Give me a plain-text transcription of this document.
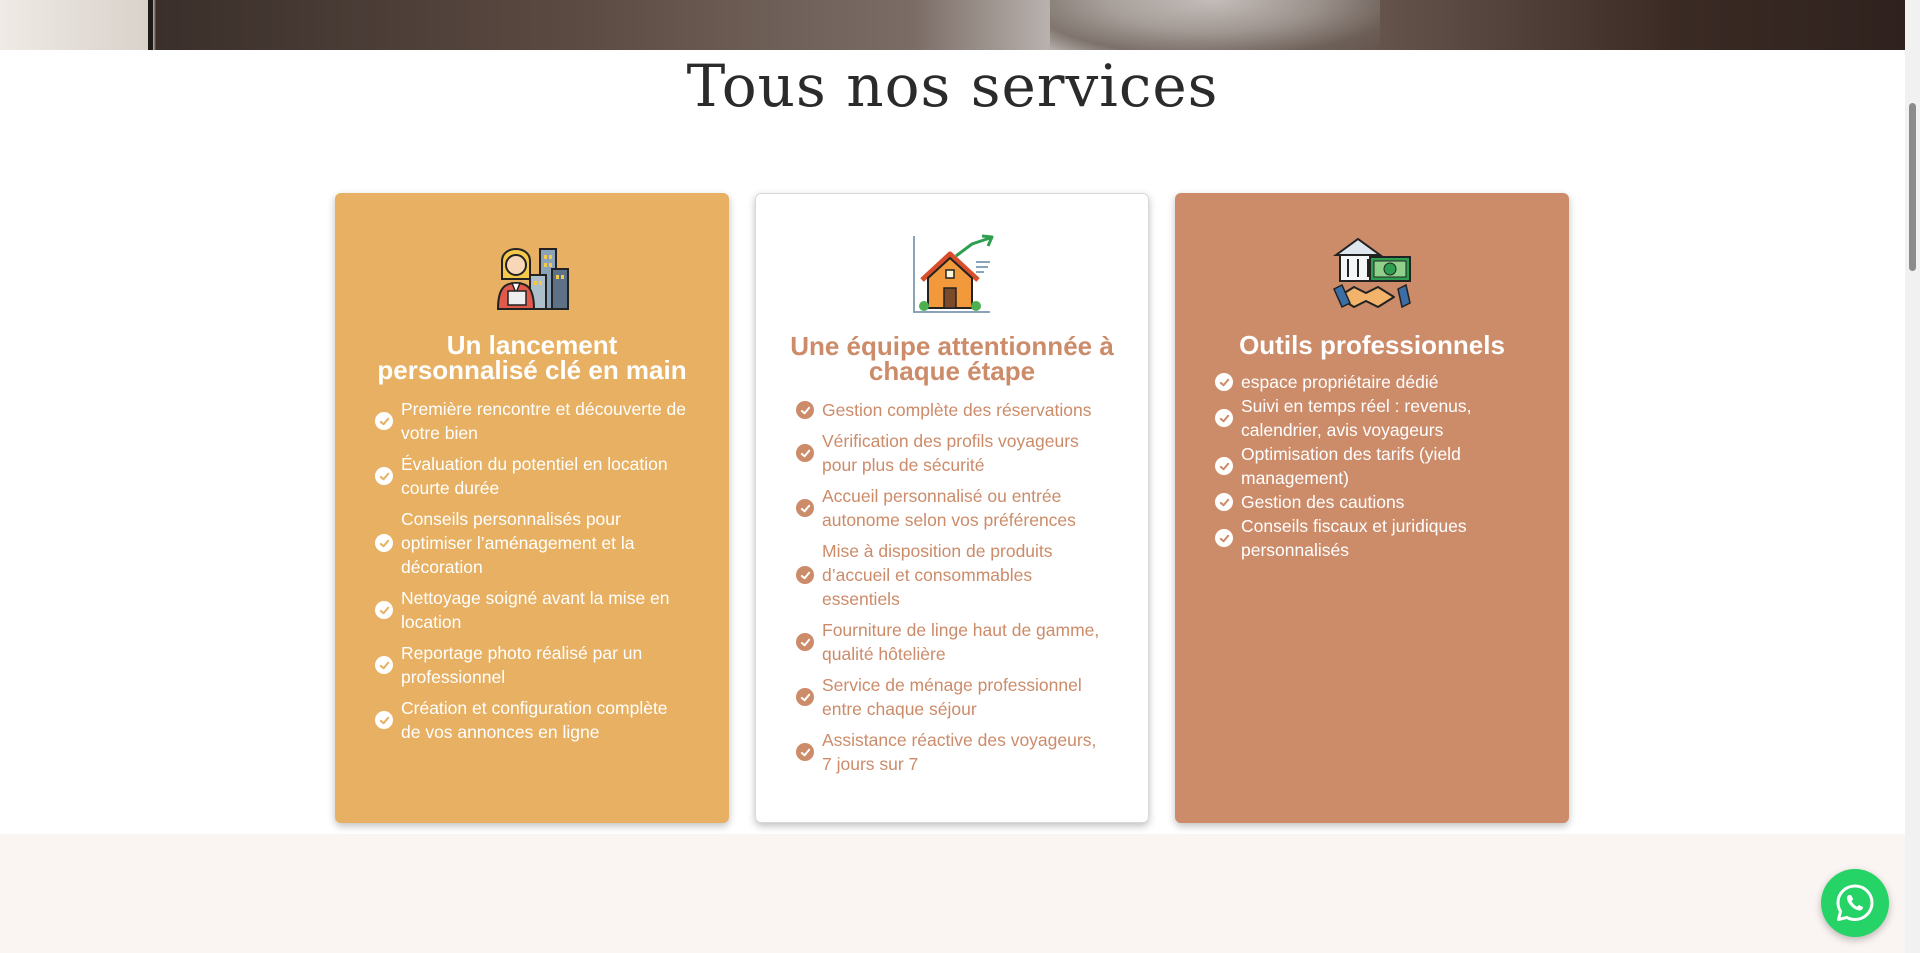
Tous nos services
Un lancement personnalisé clé en main
Première rencontre et découverte de votre bien
Évaluation du potentiel en location courte durée
Conseils personnalisés pour optimiser l’aménagement et la décoration
Nettoyage soigné avant la mise en location
Reportage photo réalisé par un professionnel
Création et configuration complète de vos annonces en ligne
Une équipe attentionnée à chaque étape
Gestion complète des réservations
Vérification des profils voyageurs pour plus de sécurité
Accueil personnalisé ou entrée autonome selon vos préférences
Mise à disposition de produits d’accueil et consommables essentiels
Fourniture de linge haut de gamme, qualité hôtelière
Service de ménage professionnel entre chaque séjour
Assistance réactive des voyageurs, 7 jours sur 7
Outils professionnels
espace propriétaire dédié
Suivi en temps réel : revenus, calendrier, avis voyageurs
Optimisation des tarifs (yield management)
Gestion des cautions
Conseils fiscaux et juridiques personnalisés
